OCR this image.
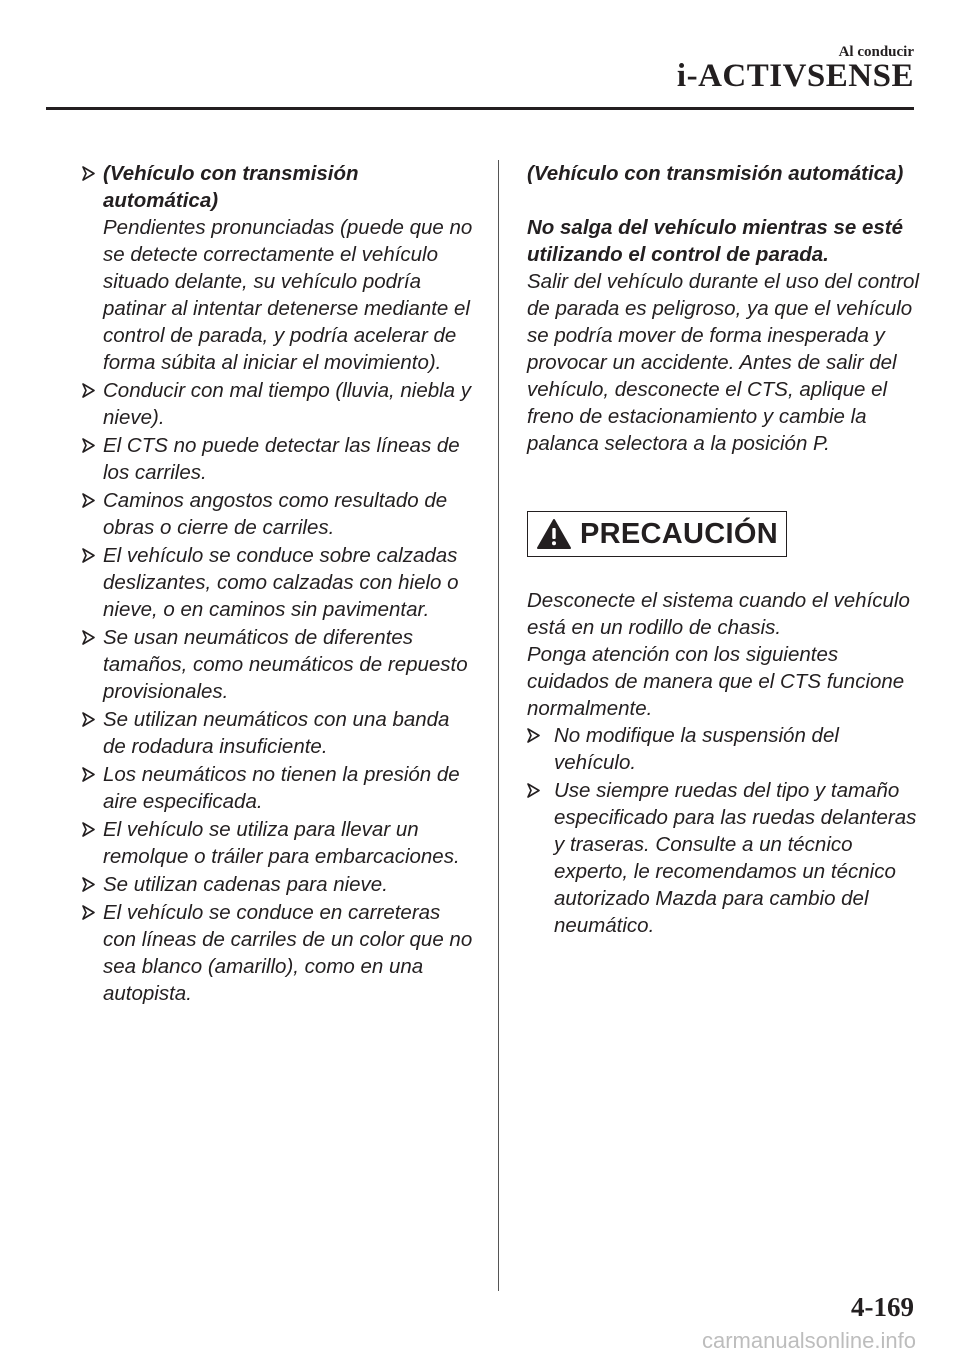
Al conducir
i-ACTIVSENSE
(Vehículo con transmisión automática)
Pendientes pronunciadas (puede que no se detecte correctamente el vehículo situado delante, su vehículo podría patinar al intentar detenerse mediante el control de parada, y podría acelerar de forma súbita al iniciar el movimiento).
Conducir con mal tiempo (lluvia, niebla y nieve).
El CTS no puede detectar las líneas de los carriles.
Caminos angostos como resultado de obras o cierre de carriles.
El vehículo se conduce sobre calzadas deslizantes, como calzadas con hielo o nieve, o en caminos sin pavimentar.
Se usan neumáticos de diferentes tamaños, como neumáticos de repuesto provisionales.
Se utilizan neumáticos con una banda de rodadura insuficiente.
Los neumáticos no tienen la presión de aire especificada.
El vehículo se utiliza para llevar un remolque o tráiler para embarcaciones.
Se utilizan cadenas para nieve.
El vehículo se conduce en carreteras con líneas de carriles de un color que no sea blanco (amarillo), como en una autopista.

(Vehículo con transmisión automática)

No salga del vehículo mientras se esté utilizando el control de parada.

Salir del vehículo durante el uso del control de parada es peligroso, ya que el vehículo se podría mover de forma inesperada y provocar un accidente. Antes de salir del vehículo, desconecte el CTS, aplique el freno de estacionamiento y cambie la palanca selectora a la posición P.

PRECAUCIÓN

Desconecte el sistema cuando el vehículo está en un rodillo de chasis.

Ponga atención con los siguientes cuidados de manera que el CTS funcione normalmente.

No modifique la suspensión del vehículo.
Use siempre ruedas del tipo y tamaño especificado para las ruedas delanteras y traseras. Consulte a un técnico experto, le recomendamos un técnico autorizado Mazda para cambio del neumático.
4-169
carmanualsonline.info
